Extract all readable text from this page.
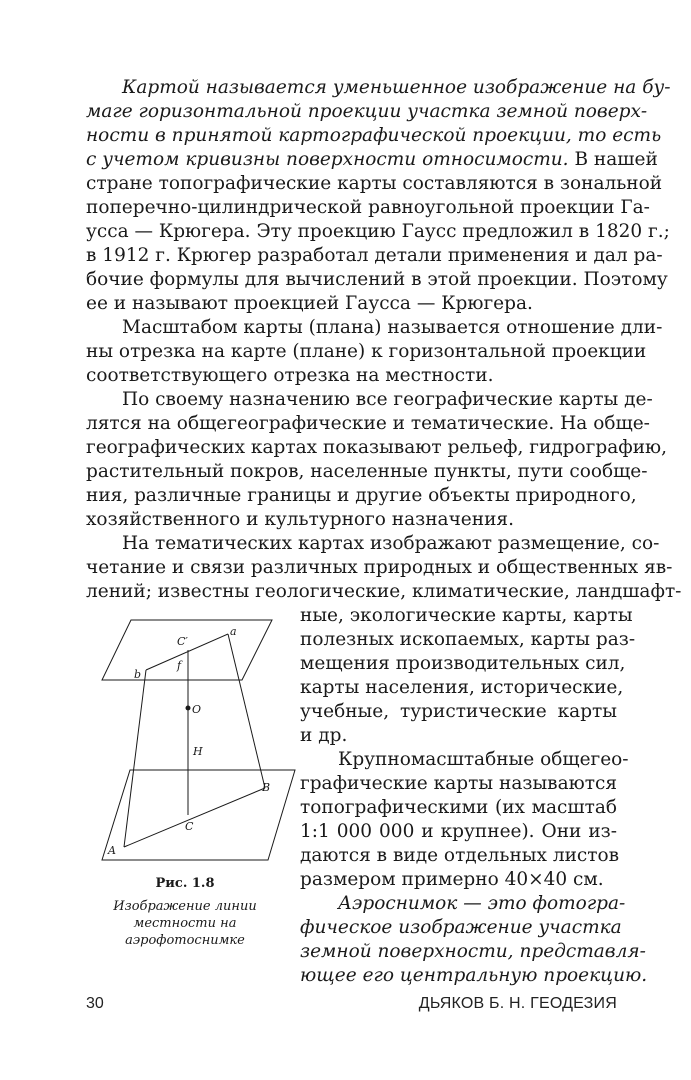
Картой называется уменьшенное изображение на бу-
маге горизонтальной проекции участка земной поверх-
ности в принятой картографической проекции, то есть
с учетом кривизны поверхности относимости. В нашей
стране топографические карты составляются в зональной
поперечно-цилиндрической равноугольной проекции Га-
усса — Крюгера. Эту проекцию Гаусс предложил в 1820 г.;
в 1912 г. Крюгер разработал детали применения и дал ра-
бочие формулы для вычислений в этой проекции. Поэтому
ее и называют проекцией Гаусса — Крюгера.
Масштабом карты (плана) называется отношение дли-
ны отрезка на карте (плане) к горизонтальной проекции
соответствующего отрезка на местности.
По своему назначению все географические карты де-
лятся на общегеографические и тематические. На обще-
географических картах показывают рельеф, гидрографию,
растительный покров, населенные пункты, пути сообще-
ния, различные границы и другие объекты природного,
хозяйственного и культурного назначения.
На тематических картах изображают размещение, со-
четание и связи различных природных и общественных яв-
лений; известны геологические, климатические, ландшафт-
ные, экологические карты, карты
полезных ископаемых, карты раз-
мещения производительных сил,
карты населения, исторические,
учебные, туристические карты
и др.
Крупномасштабные общегео-
графические карты называются
топографическими (их масштаб
1:1 000 000 и крупнее). Они из-
даются в виде отдельных листов
размером примерно 40×40 см.
Аэроснимок — это фотогра-
фическое изображение участка
земной поверхности, представля-
ющее его центральную проекцию.
a
b
C′
f
O
H
A
B
C
Рис. 1.8
Изображение линии
местности на
аэрофотоснимке
30	ДЬЯКОВ Б. Н. ГЕОДЕЗИЯ
